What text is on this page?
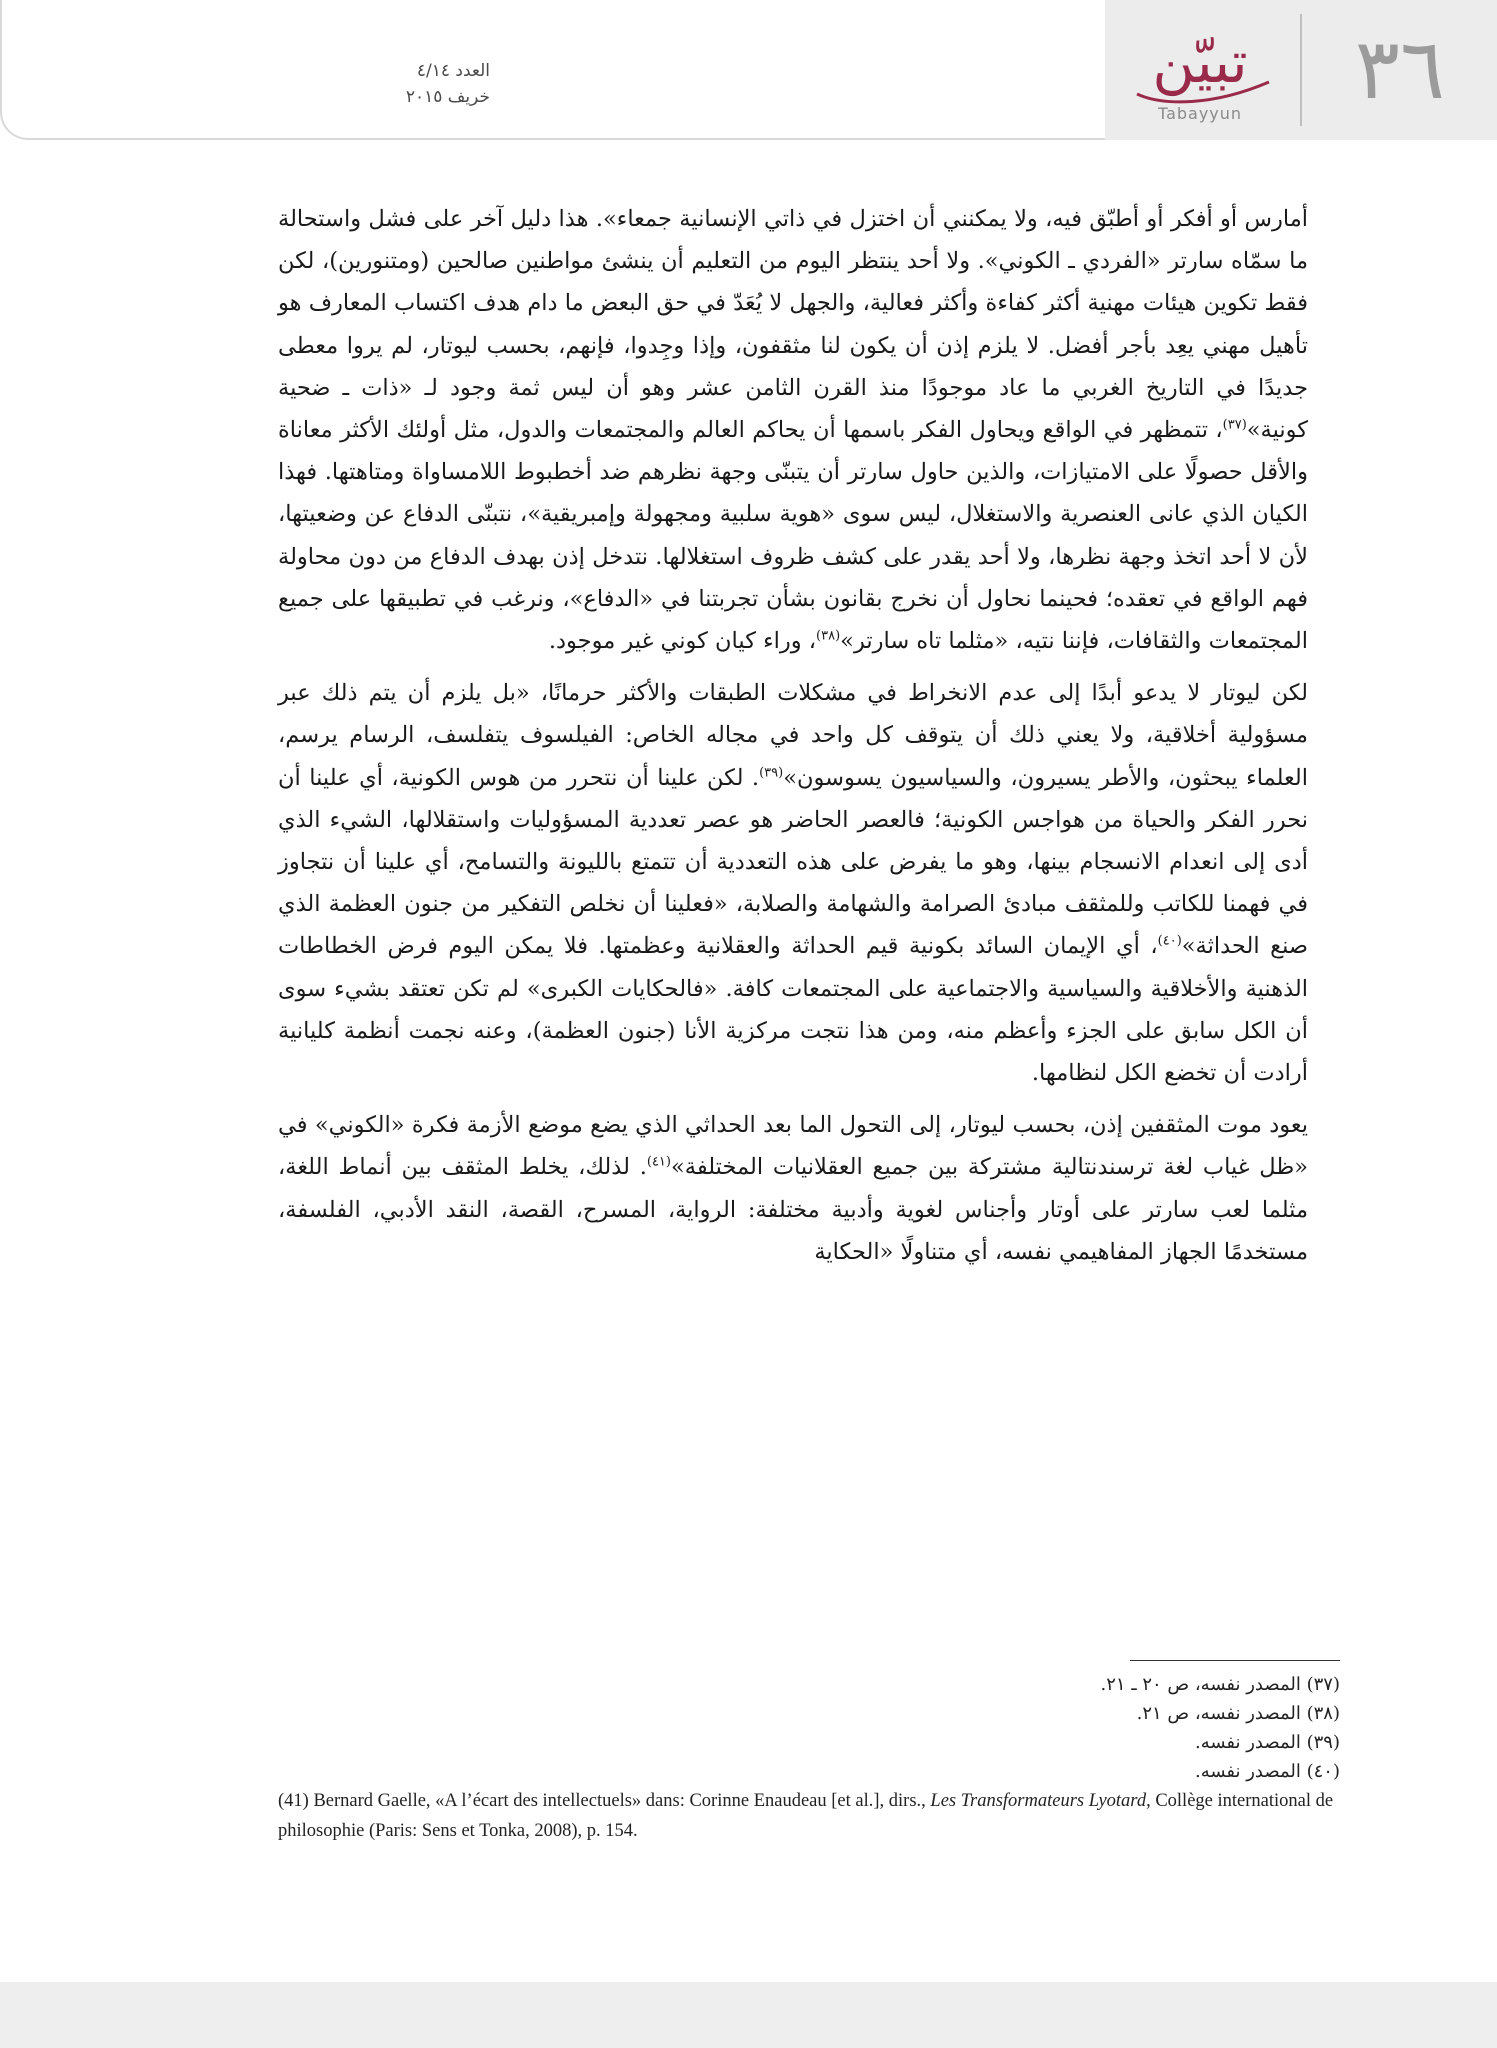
٣٦
تبيّن
Tabayyun
العدد ٤/١٤
خريف ٢٠١٥

أمارس أو أفكر أو أطبّق فيه، ولا يمكنني أن اختزل في ذاتي الإنسانية جمعاء». هذا دليل آخر على فشل واستحالة ما سمّاه سارتر «الفردي ـ الكوني». ولا أحد ينتظر اليوم من التعليم أن ينشئ مواطنين صالحين (ومتنورين)، لكن فقط تكوين هيئات مهنية أكثر كفاءة وأكثر فعالية، والجهل لا يُعَدّ في حق البعض ما دام هدف اكتساب المعارف هو تأهيل مهني يعِد بأجر أفضل. لا يلزم إذن أن يكون لنا مثقفون، وإذا وجِدوا، فإنهم، بحسب ليوتار، لم يروا معطى جديدًا في التاريخ الغربي ما عاد موجودًا منذ القرن الثامن عشر وهو أن ليس ثمة وجود لـ «ذات ـ ضحية كونية»$^{(٣٧)}$، تتمظهر في الواقع ويحاول الفكر باسمها أن يحاكم العالم والمجتمعات والدول، مثل أولئك الأكثر معاناة والأقل حصولًا على الامتيازات، والذين حاول سارتر أن يتبنّى وجهة نظرهم ضد أخطبوط اللامساواة ومتاهتها. فهذا الكيان الذي عانى العنصرية والاستغلال، ليس سوى «هوية سلبية ومجهولة وإمبريقية»، نتبنّى الدفاع عن وضعيتها، لأن لا أحد اتخذ وجهة نظرها، ولا أحد يقدر على كشف ظروف استغلالها. نتدخل إذن بهدف الدفاع من دون محاولة فهم الواقع في تعقده؛ فحينما نحاول أن نخرج بقانون بشأن تجربتنا في «الدفاع»، ونرغب في تطبيقها على جميع المجتمعات والثقافات، فإننا نتيه، «مثلما تاه سارتر»$^{(٣٨)}$، وراء كيان كوني غير موجود.

لكن ليوتار لا يدعو أبدًا إلى عدم الانخراط في مشكلات الطبقات والأكثر حرمانًا، «بل يلزم أن يتم ذلك عبر مسؤولية أخلاقية، ولا يعني ذلك أن يتوقف كل واحد في مجاله الخاص: الفيلسوف يتفلسف، الرسام يرسم، العلماء يبحثون، والأطر يسيرون، والسياسيون يسوسون»$^{(٣٩)}$. لكن علينا أن نتحرر من هوس الكونية، أي علينا أن نحرر الفكر والحياة من هواجس الكونية؛ فالعصر الحاضر هو عصر تعددية المسؤوليات واستقلالها، الشيء الذي أدى إلى انعدام الانسجام بينها، وهو ما يفرض على هذه التعددية أن تتمتع بالليونة والتسامح، أي علينا أن نتجاوز في فهمنا للكاتب وللمثقف مبادئ الصرامة والشهامة والصلابة، «فعلينا أن نخلص التفكير من جنون العظمة الذي صنع الحداثة»$^{(٤٠)}$، أي الإيمان السائد بكونية قيم الحداثة والعقلانية وعظمتها. فلا يمكن اليوم فرض الخطاطات الذهنية والأخلاقية والسياسية والاجتماعية على المجتمعات كافة. «فالحكايات الكبرى» لم تكن تعتقد بشيء سوى أن الكل سابق على الجزء وأعظم منه، ومن هذا نتجت مركزية الأنا (جنون العظمة)، وعنه نجمت أنظمة كليانية أرادت أن تخضع الكل لنظامها.

يعود موت المثقفين إذن، بحسب ليوتار، إلى التحول الما بعد الحداثي الذي يضع موضع الأزمة فكرة «الكوني» في «ظل غياب لغة ترسندنتالية مشتركة بين جميع العقلانيات المختلفة»$^{(٤١)}$. لذلك، يخلط المثقف بين أنماط اللغة، مثلما لعب سارتر على أوتار وأجناس لغوية وأدبية مختلفة: الرواية، المسرح، القصة، النقد الأدبي، الفلسفة، مستخدمًا الجهاز المفاهيمي نفسه، أي متناولًا «الحكاية

(٣٧) المصدر نفسه، ص ٢٠ ـ ٢١.
(٣٨) المصدر نفسه، ص ٢١.
(٣٩) المصدر نفسه.
(٤٠) المصدر نفسه.
(41) Bernard Gaelle, «A l’écart des intellectuels» dans: Corinne Enaudeau [et al.], dirs., Les Transformateurs Lyotard, Collège international de philosophie (Paris: Sens et Tonka, 2008), p. 154.
